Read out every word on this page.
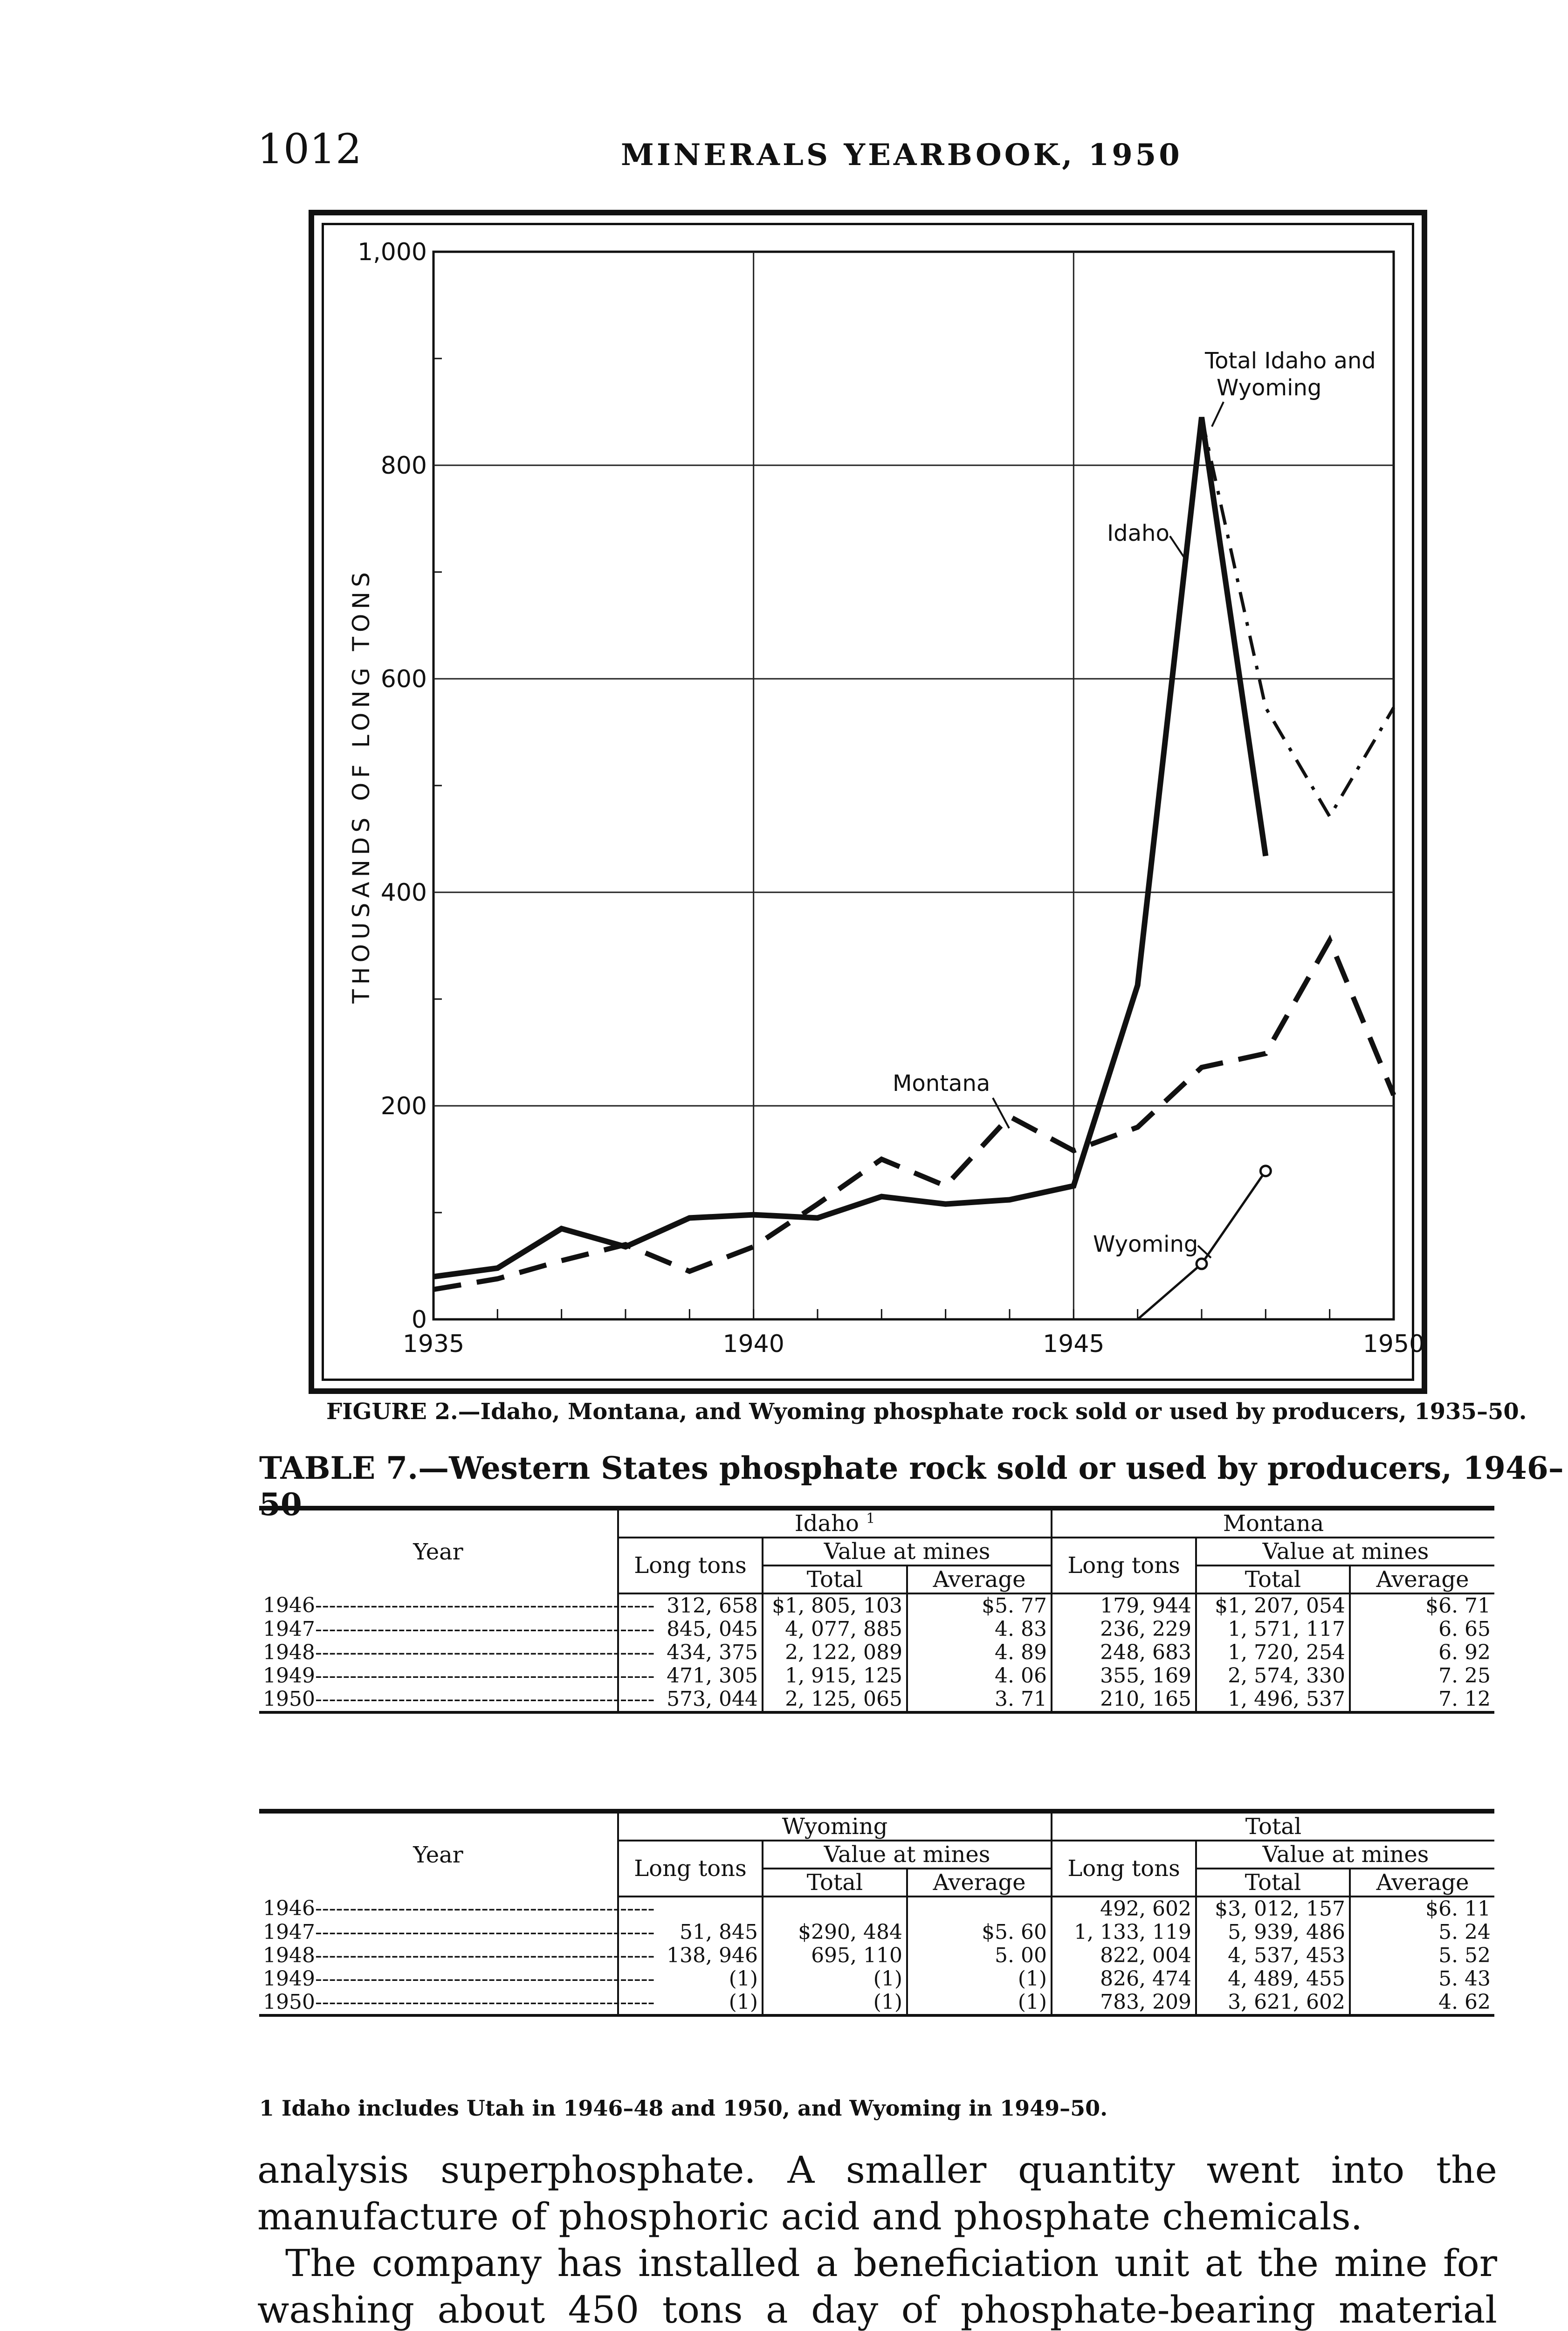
1012	MINERALS YEARBOOK, 1950
0
200
400
600
800
1,000
1935	1940	1945	1950
THOUSANDS OF LONG TONS
Total Idaho and
Wyoming
Idaho
Montana
Wyoming
FIGURE 2.—Idaho, Montana, and Wyoming phosphate rock sold or used by producers, 1935–50.
TABLE 7.—Western States phosphate rock sold or used by producers, 1946–50
Year	Idaho $^1$			Montana		
	Long tons	Value at mines		Long tons	Value at mines	
		Total	Average		Total	Average
1946-------------------------------------------------	312, 658	$1, 805, 103	$5. 77	179, 944	$1, 207, 054	$6. 71
1947-------------------------------------------------	845, 045	4, 077, 885	4. 83	236, 229	1, 571, 117	6. 65
1948-------------------------------------------------	434, 375	2, 122, 089	4. 89	248, 683	1, 720, 254	6. 92
1949-------------------------------------------------	471, 305	1, 915, 125	4. 06	355, 169	2, 574, 330	7. 25
1950-------------------------------------------------	573, 044	2, 125, 065	3. 71	210, 165	1, 496, 537	7. 12
Year	Wyoming			Total		
	Long tons	Value at mines		Long tons	Value at mines	
		Total	Average		Total	Average
1946-------------------------------------------------				492, 602	$3, 012, 157	$6. 11
1947-------------------------------------------------	51, 845	$290, 484	$5. 60	1, 133, 119	5, 939, 486	5. 24
1948-------------------------------------------------	138, 946	695, 110	5. 00	822, 004	4, 537, 453	5. 52
1949-------------------------------------------------	(1)	(1)	(1)	826, 474	4, 489, 455	5. 43
1950-------------------------------------------------	(1)	(1)	(1)	783, 209	3, 621, 602	4. 62
1 Idaho includes Utah in 1946–48 and 1950, and Wyoming in 1949–50.
analysis superphosphate. A smaller quantity went into the manufacture of phosphoric acid and phosphate chemicals.
The company has installed a beneficiation unit at the mine for washing about 450 tons a day of phosphate-bearing material
